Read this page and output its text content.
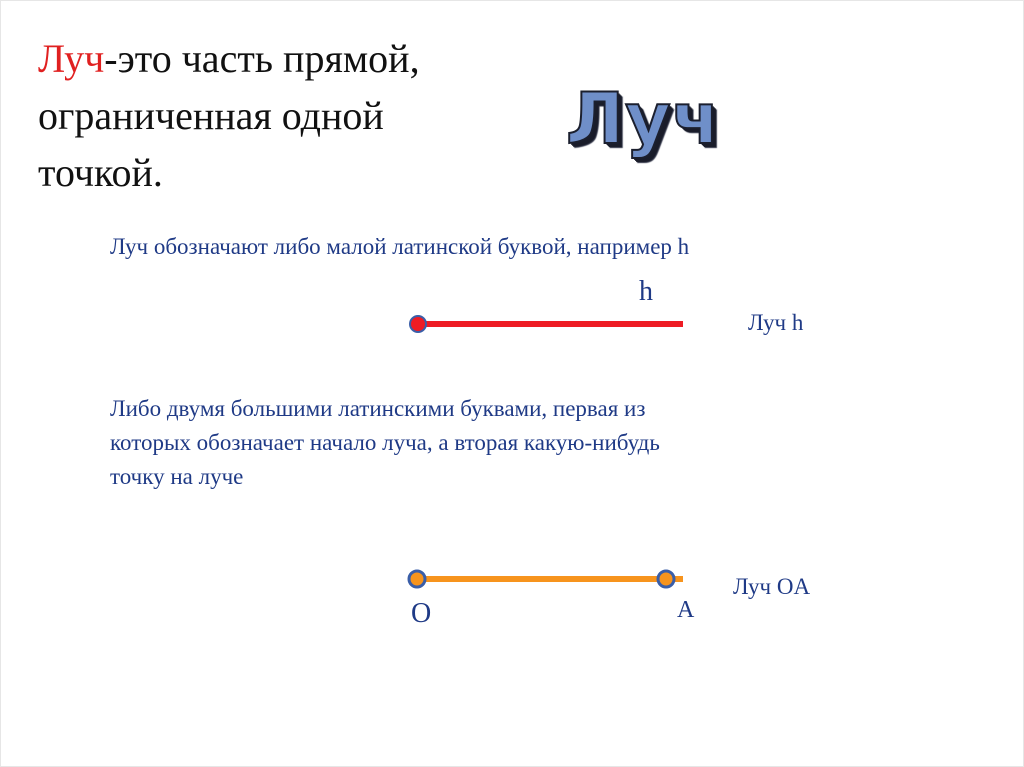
Луч-это часть прямой, ограниченная одной точкой.
Луч
Луч обозначают либо малой латинской буквой, например h
h
Луч h
Либо двумя большими латинскими буквами, первая из которых обозначает начало луча, а вторая какую-нибудь точку на луче
O	A
Луч OA
